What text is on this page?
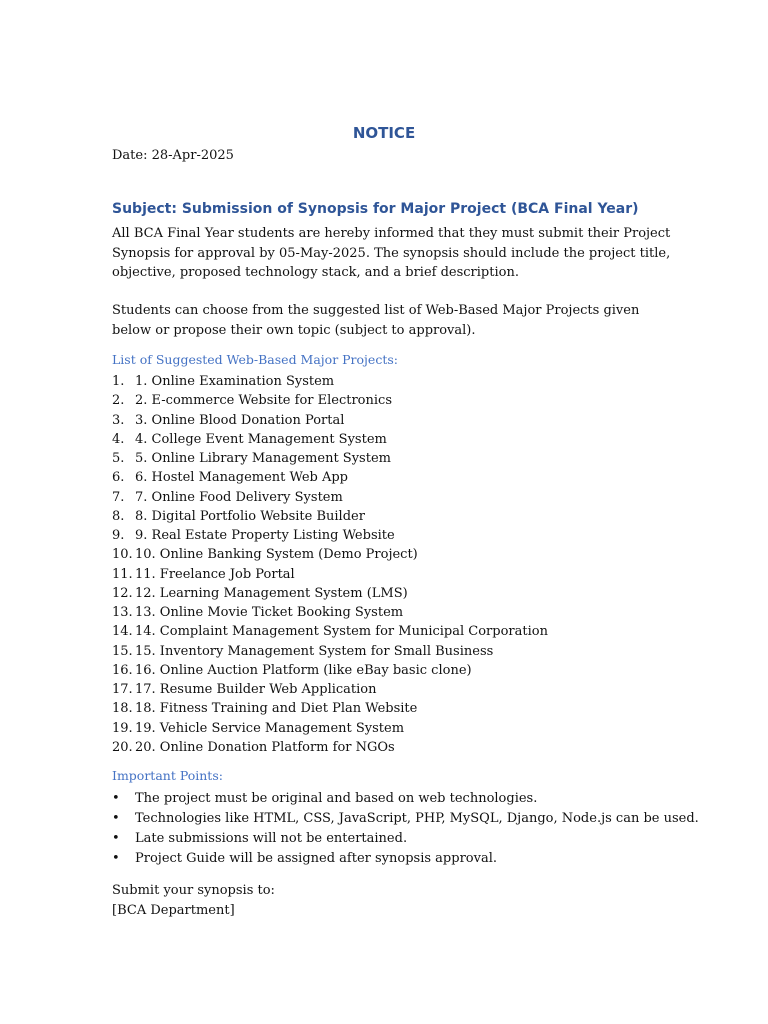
NOTICE
Date: 28-Apr-2025
Subject: Submission of Synopsis for Major Project (BCA Final Year)
All BCA Final Year students are hereby informed that they must submit their Project Synopsis for approval by 05-May-2025. The synopsis should include the project title, objective, proposed technology stack, and a brief description.
Students can choose from the suggested list of Web-Based Major Projects given below or propose their own topic (subject to approval).
List of Suggested Web-Based Major Projects:
1. 1. Online Examination System
2. 2. E-commerce Website for Electronics
3. 3. Online Blood Donation Portal
4. 4. College Event Management System
5. 5. Online Library Management System
6. 6. Hostel Management Web App
7. 7. Online Food Delivery System
8. 8. Digital Portfolio Website Builder
9. 9. Real Estate Property Listing Website
10. 10. Online Banking System (Demo Project)
11. 11. Freelance Job Portal
12. 12. Learning Management System (LMS)
13. 13. Online Movie Ticket Booking System
14. 14. Complaint Management System for Municipal Corporation
15. 15. Inventory Management System for Small Business
16. 16. Online Auction Platform (like eBay basic clone)
17. 17. Resume Builder Web Application
18. 18. Fitness Training and Diet Plan Website
19. 19. Vehicle Service Management System
20. 20. Online Donation Platform for NGOs
Important Points:
•	The project must be original and based on web technologies.
•	Technologies like HTML, CSS, JavaScript, PHP, MySQL, Django, Node.js can be used.
•	Late submissions will not be entertained.
•	Project Guide will be assigned after synopsis approval.
Submit your synopsis to:
[BCA Department]
